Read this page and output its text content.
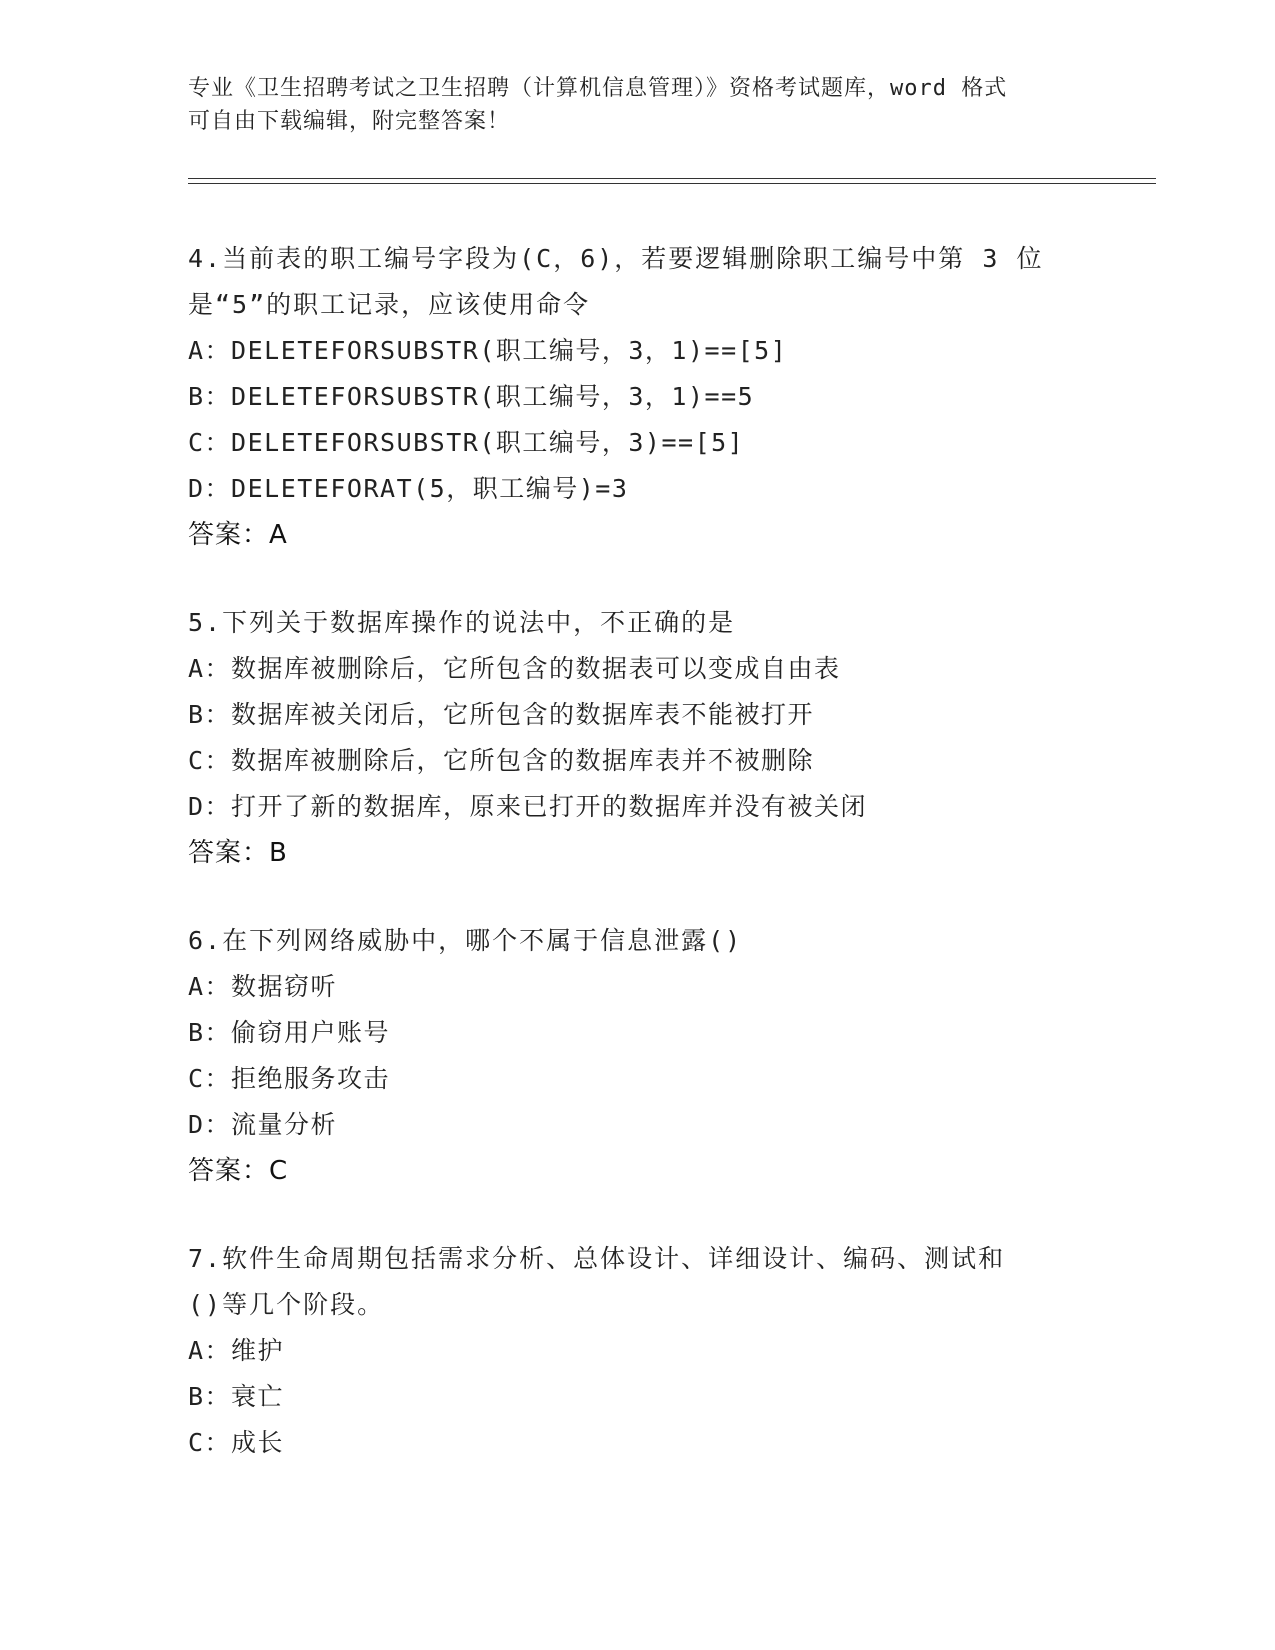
专业《卫生招聘考试之卫生招聘（计算机信息管理）》资格考试题库，word 格式
可自由下载编辑，附完整答案！
4.当前表的职工编号字段为(C，6)，若要逻辑删除职工编号中第 3 位
是“5”的职工记录，应该使用命令
A：DELETEFORSUBSTR(职工编号，3，1)==[5]
B：DELETEFORSUBSTR(职工编号，3，1)==5
C：DELETEFORSUBSTR(职工编号，3)==[5]
D：DELETEFORAT(5，职工编号)=3
答案：A
5.下列关于数据库操作的说法中，不正确的是
A：数据库被删除后，它所包含的数据表可以变成自由表
B：数据库被关闭后，它所包含的数据库表不能被打开
C：数据库被删除后，它所包含的数据库表并不被删除
D：打开了新的数据库，原来已打开的数据库并没有被关闭
答案：B
6.在下列网络威胁中，哪个不属于信息泄露()
A：数据窃听
B：偷窃用户账号
C：拒绝服务攻击
D：流量分析
答案：C
7.软件生命周期包括需求分析、总体设计、详细设计、编码、测试和
()等几个阶段。
A：维护
B：衰亡
C：成长
